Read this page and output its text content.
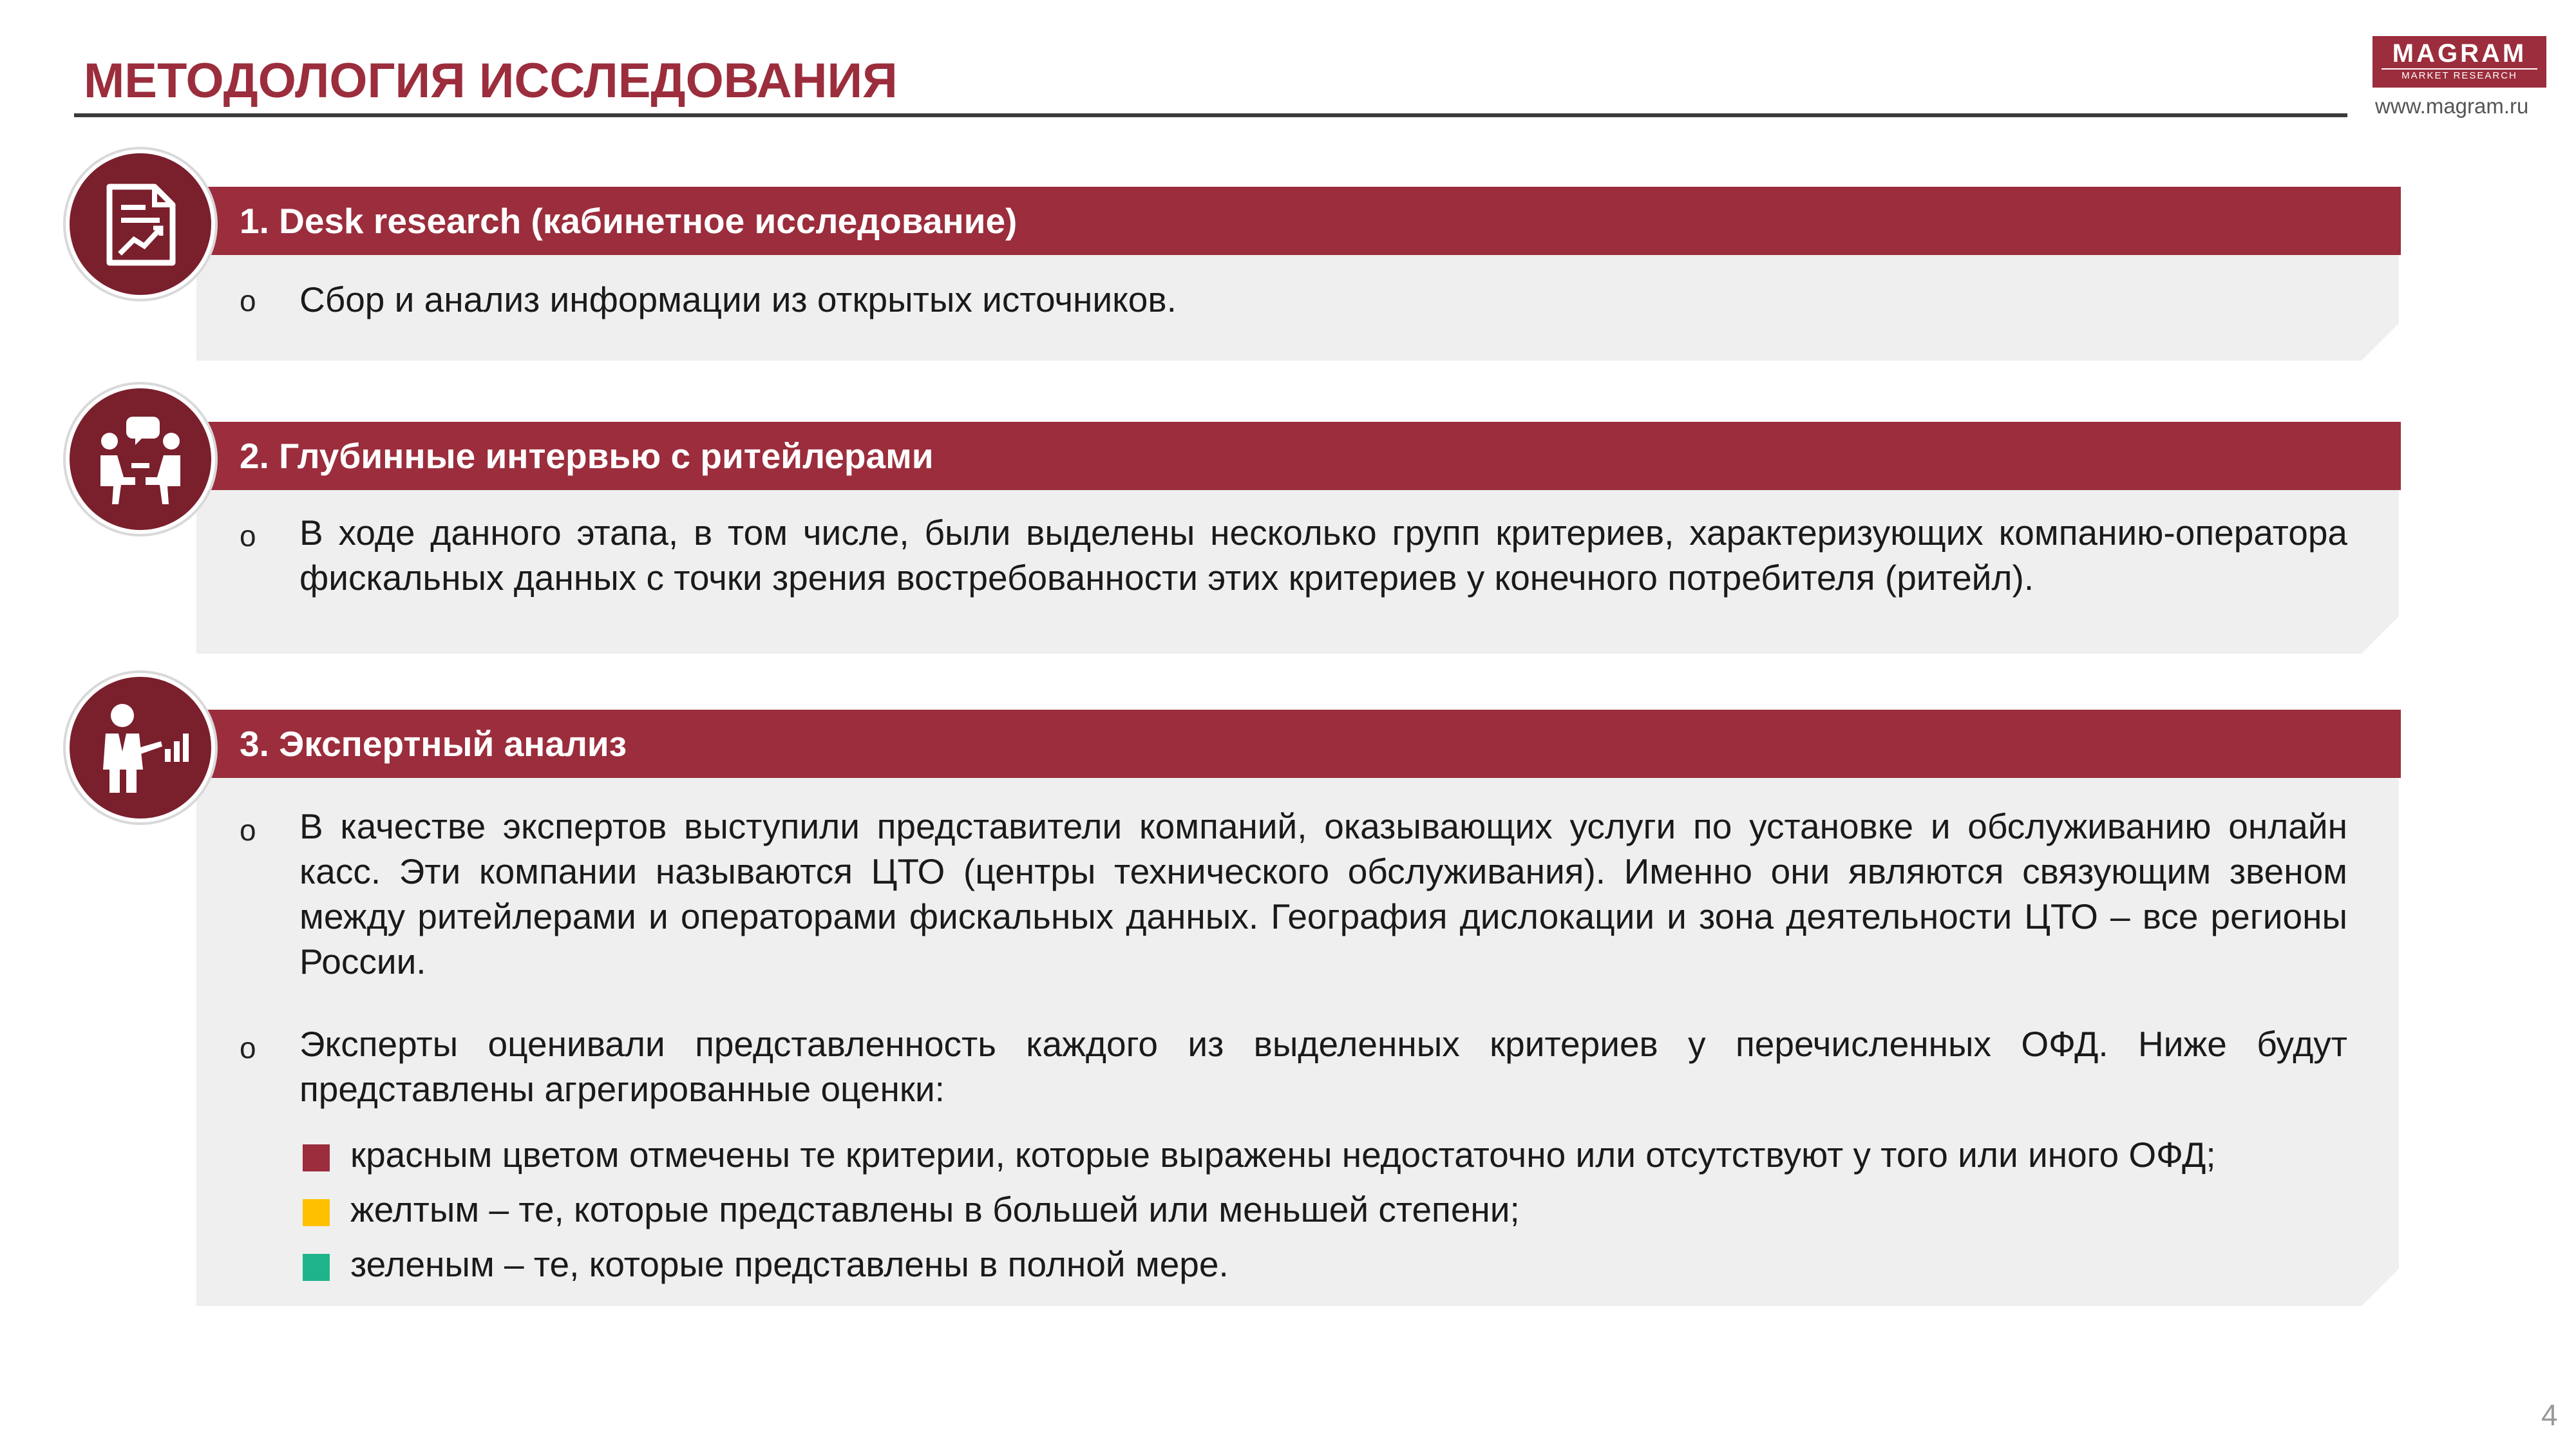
МЕТОДОЛОГИЯ ИССЛЕДОВАНИЯ	MAGRAM
MARKET RESEARCH
www.magram.ru
1. Desk research (кабинетное исследование)
o Сбор и анализ информации из открытых источников.
2. Глубинные интервью с ритейлерами
o В ходе данного этапа, в том числе, были выделены несколько групп критериев, характеризующих компанию-оператора фискальных данных с точки зрения востребованности этих критериев у конечного потребителя (ритейл).
3. Экспертный анализ
o В качестве экспертов выступили представители компаний, оказывающих услуги по установке и обслуживанию онлайн касс. Эти компании называются ЦТО (центры технического обслуживания). Именно они являются связующим звеном между ритейлерами и операторами фискальных данных. География дислокации и зона деятельности ЦТО – все регионы России.
o Эксперты оценивали представленность каждого из выделенных критериев у перечисленных ОФД. Ниже будут представлены агрегированные оценки:
красным цветом отмечены те критерии, которые выражены недостаточно или отсутствуют у того или иного ОФД;
желтым – те, которые представлены в большей или меньшей степени;
зеленым – те, которые представлены в полной мере.
4
